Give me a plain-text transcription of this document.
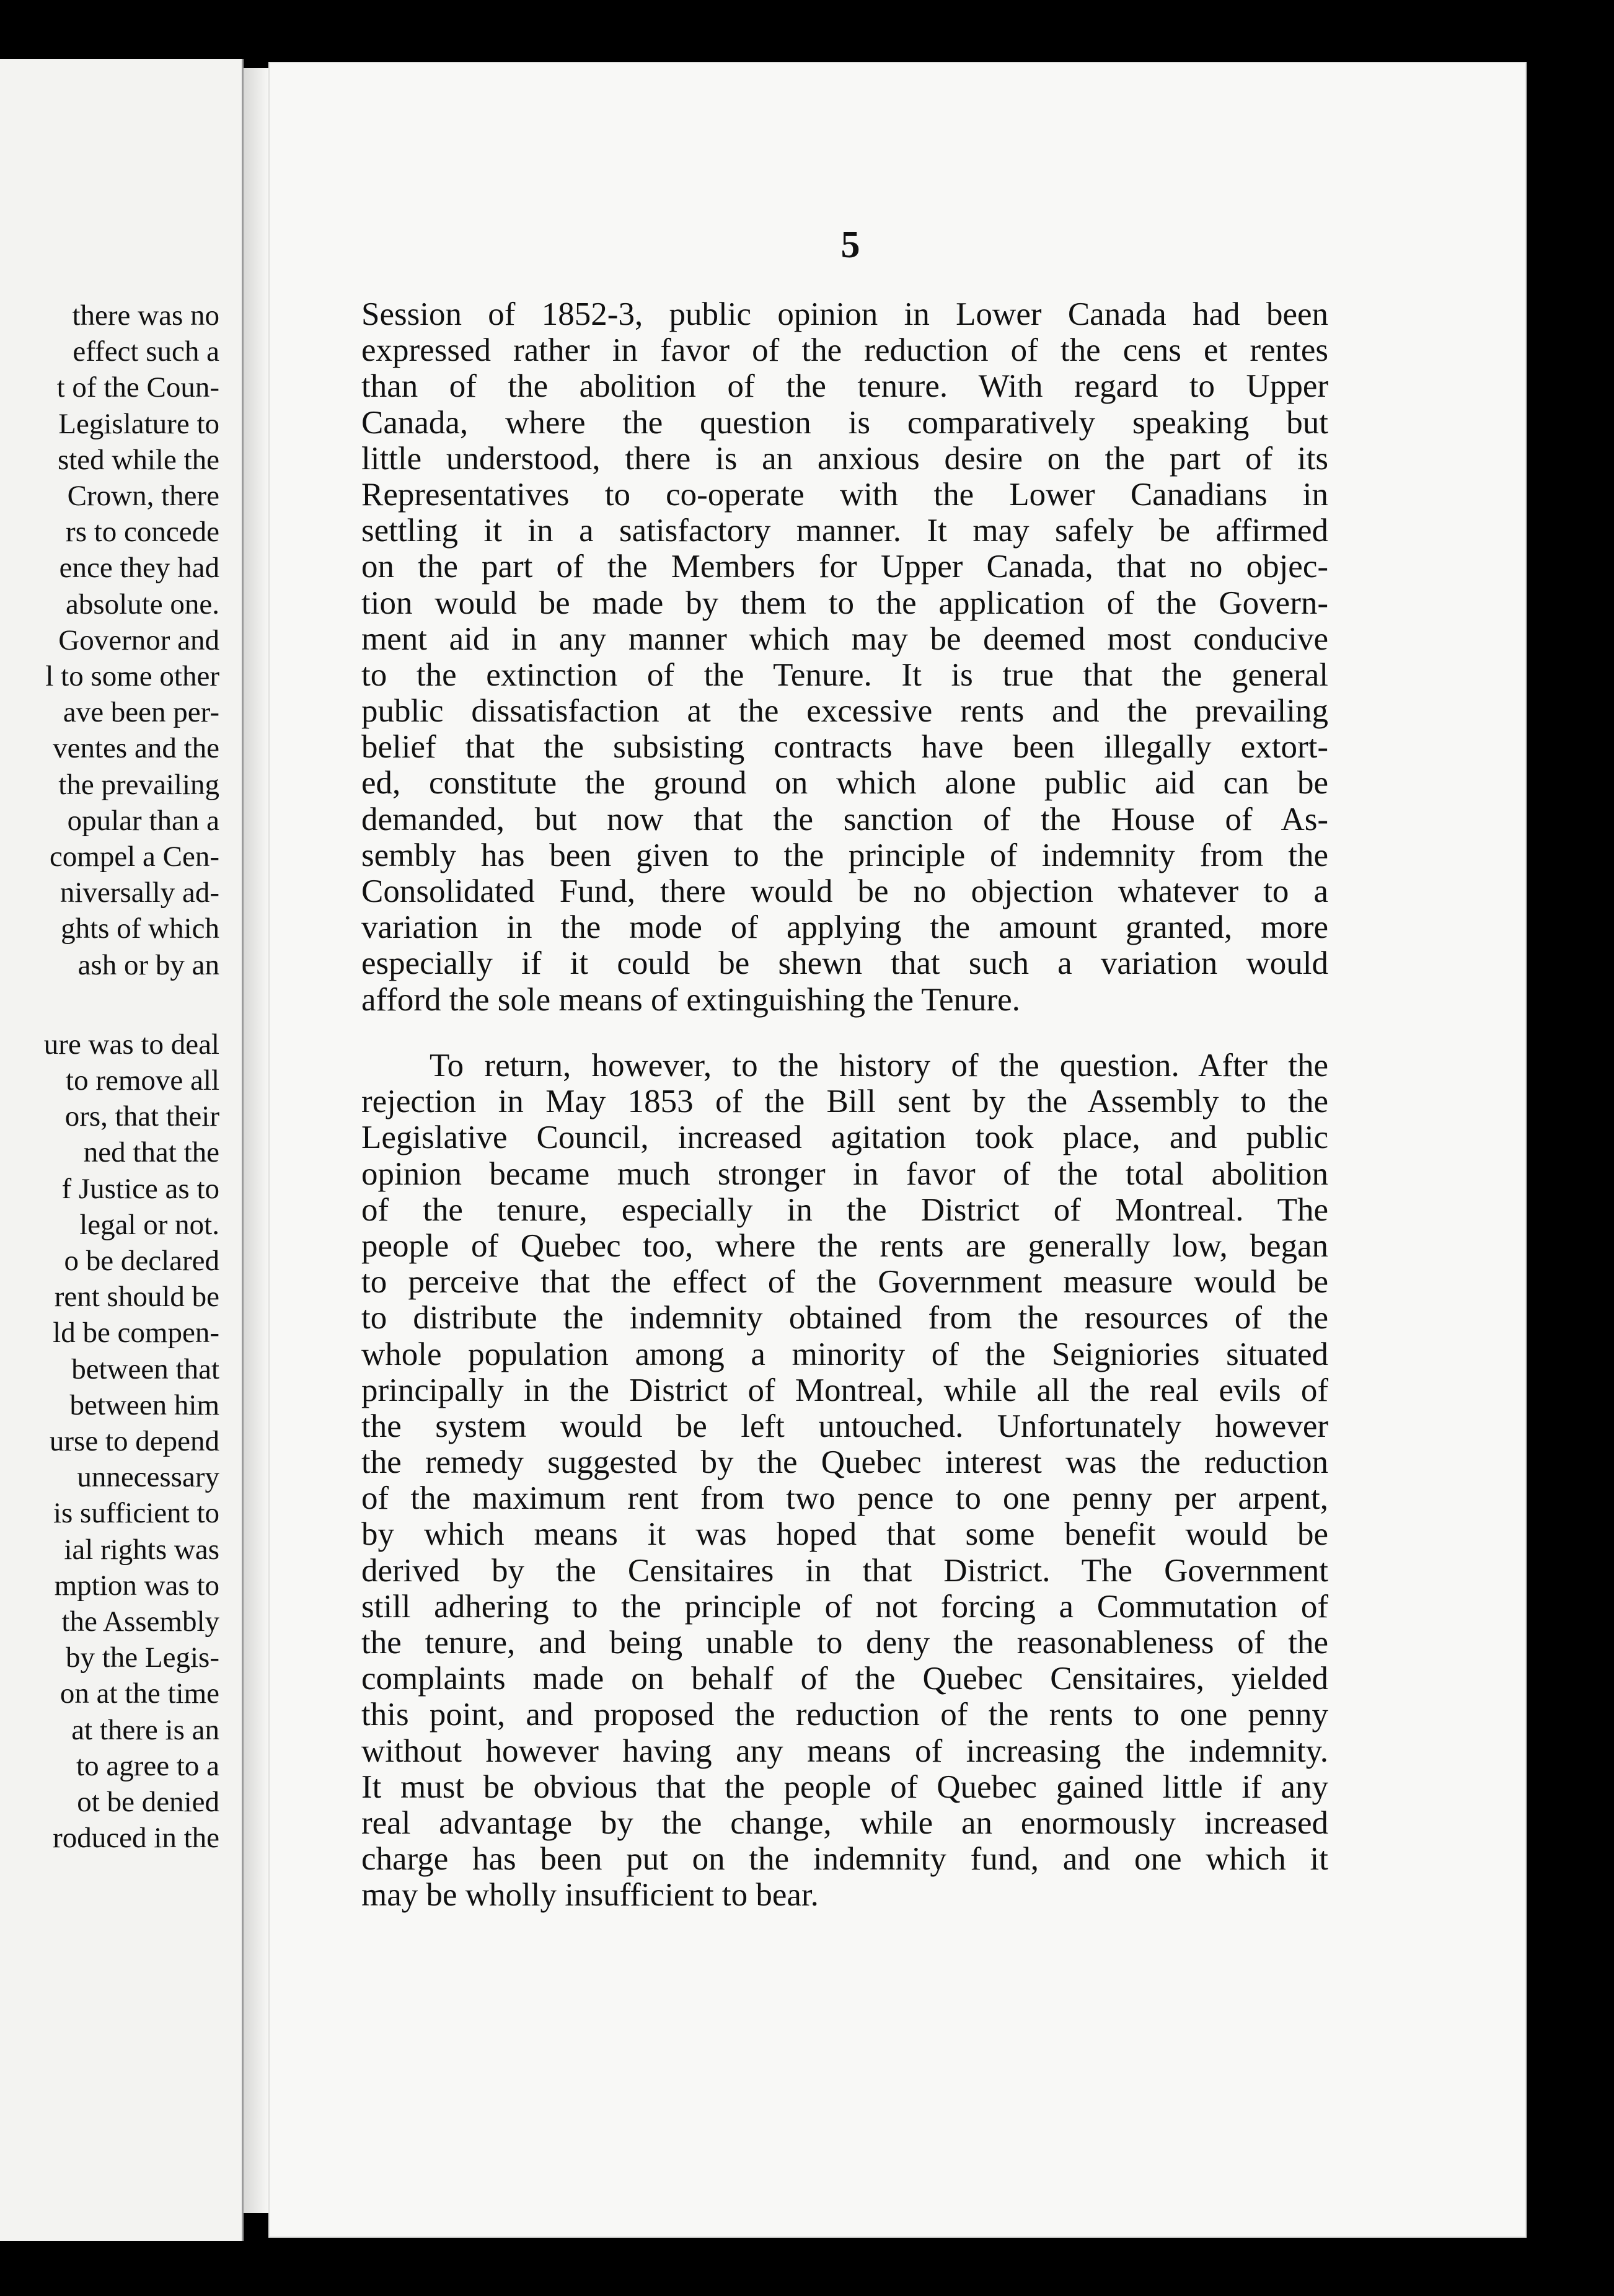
there was no
effect such a
t of the Coun-
Legislature to
sted while the
Crown, there
rs to concede
ence they had
absolute one.
Governor and
l to some other
ave been per-
ventes and the
the prevailing
opular than a
compel a Cen-
niversally ad-
ghts of which
ash or by an
ure was to deal
to remove all
ors, that their
ned that the
f Justice as to
legal or not.
o be declared
rent should be
ld be compen-
between that
between him
urse to depend
unnecessary
is sufficient to
ial rights was
mption was to
the Assembly
by the Legis-
on at the time
at there is an
to agree to a
ot be denied
roduced in the
5
Session of 1852-3, public opinion in Lower Canada had been
expressed rather in favor of the reduction of the cens et rentes
than of the abolition of the tenure. With regard to Upper
Canada, where the question is comparatively speaking but
little understood, there is an anxious desire on the part of its
Representatives to co-operate with the Lower Canadians in
settling it in a satisfactory manner. It may safely be affirmed
on the part of the Members for Upper Canada, that no objec-
tion would be made by them to the application of the Govern-
ment aid in any manner which may be deemed most conducive
to the extinction of the Tenure. It is true that the general
public dissatisfaction at the excessive rents and the prevailing
belief that the subsisting contracts have been illegally extort-
ed, constitute the ground on which alone public aid can be
demanded, but now that the sanction of the House of As-
sembly has been given to the principle of indemnity from the
Consolidated Fund, there would be no objection whatever to a
variation in the mode of applying the amount granted, more
especially if it could be shewn that such a variation would
afford the sole means of extinguishing the Tenure.
To return, however, to the history of the question. After the
rejection in May 1853 of the Bill sent by the Assembly to the
Legislative Council, increased agitation took place, and public
opinion became much stronger in favor of the total abolition
of the tenure, especially in the District of Montreal. The
people of Quebec too, where the rents are generally low, began
to perceive that the effect of the Government measure would be
to distribute the indemnity obtained from the resources of the
whole population among a minority of the Seigniories situated
principally in the District of Montreal, while all the real evils of
the system would be left untouched. Unfortunately however
the remedy suggested by the Quebec interest was the reduction
of the maximum rent from two pence to one penny per arpent,
by which means it was hoped that some benefit would be
derived by the Censitaires in that District. The Government
still adhering to the principle of not forcing a Commutation of
the tenure, and being unable to deny the reasonableness of the
complaints made on behalf of the Quebec Censitaires, yielded
this point, and proposed the reduction of the rents to one penny
without however having any means of increasing the indemnity.
It must be obvious that the people of Quebec gained little if any
real advantage by the change, while an enormously increased
charge has been put on the indemnity fund, and one which it
may be wholly insufficient to bear.
